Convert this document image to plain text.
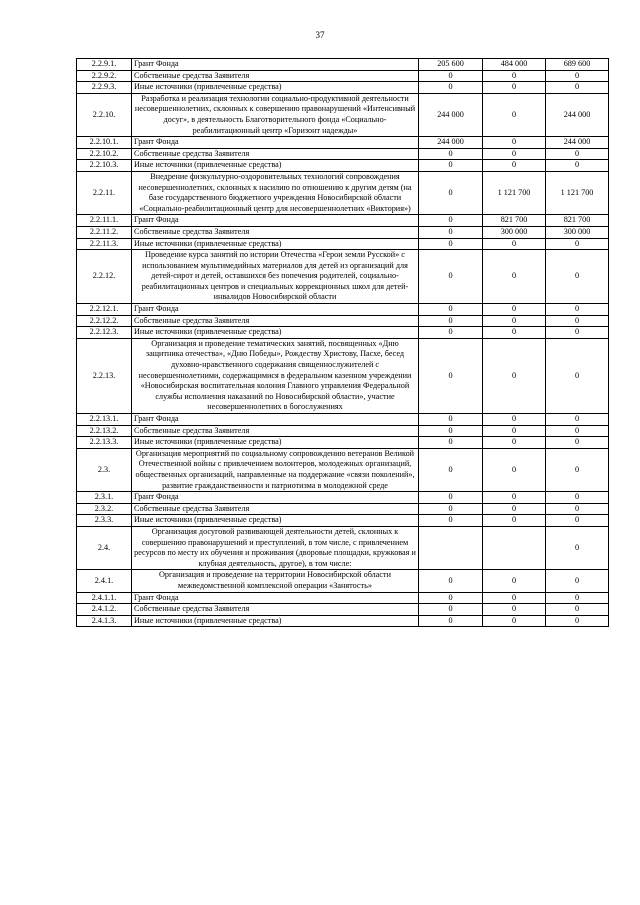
37
2.2.9.1.	Грант Фонда	205 600	484 000	689 600
2.2.9.2.	Собственные средства Заявителя	0	0	0
2.2.9.3.	Иные источники (привлеченные средства)	0	0	0
2.2.10.	Разработка и реализация технологии социально-продуктивной деятельности несовершеннолетних, склонных к совершению правонарушений «Интенсивный досуг», в деятельность Благотворительного фонда «Социально-реабилитационный центр «Горизонт надежды»	244 000	0	244 000
2.2.10.1.	Грант Фонда	244 000	0	244 000
2.2.10.2.	Собственные средства Заявителя	0	0	0
2.2.10.3.	Иные источники (привлеченные средства)	0	0	0
2.2.11.	Внедрение физкультурно-оздоровительных технологий сопровождения несовершеннолетних, склонных к насилию по отношению к другим детям (на базе государственного бюджетного учреждения Новосибирской области «Социально-реабилитационный центр для несовершеннолетних «Виктория»)	0	1 121 700	1 121 700
2.2.11.1.	Грант Фонда	0	821 700	821 700
2.2.11.2.	Собственные средства Заявителя	0	300 000	300 000
2.2.11.3.	Иные источники (привлеченные средства)	0	0	0
2.2.12.	Проведение курса занятий по истории Отечества «Герои земли Русской» с использованием мультимедийных материалов для детей из организаций для детей-сирот и детей, оставшихся без попечения родителей, социально-реабилитационных центров и специальных коррекционных школ для детей-инвалидов Новосибирской области	0	0	0
2.2.12.1.	Грант Фонда	0	0	0
2.2.12.2.	Собственные средства Заявителя	0	0	0
2.2.12.3.	Иные источники (привлеченные средства)	0	0	0
2.2.13.	Организация и проведение тематических занятий, посвященных «Дню защитника отечества», «Дню Победы», Рождеству Христову, Пасхе, бесед духовно-нравственного содержания священнослужителей с несовершеннолетними, содержащимися в федеральном казенном учреждении «Новосибирская воспитательная колония Главного управления Федеральной службы исполнения наказаний по Новосибирской области», участие несовершеннолетних в богослужениях	0	0	0
2.2.13.1.	Грант Фонда	0	0	0
2.2.13.2.	Собственные средства Заявителя	0	0	0
2.2.13.3.	Иные источники (привлеченные средства)	0	0	0
2.3.	Организация мероприятий по социальному сопровождению ветеранов Великой Отечественной войны с привлечением волонтеров, молодежных организаций, общественных организаций, направленные на поддержание «связи поколений», развитие гражданственности и патриотизма в молодежной среде	0	0	0
2.3.1.	Грант Фонда	0	0	0
2.3.2.	Собственные средства Заявителя	0	0	0
2.3.3.	Иные источники (привлеченные средства)	0	0	0
2.4.	Организация досуговой развивающей деятельности детей, склонных к совершению правонарушений и преступлений, в том числе, с привлечением ресурсов по месту их обучения и проживания (дворовые площадки, кружковая и клубная деятельность, другое), в том числе:			0
2.4.1.	Организация и проведение на территории Новосибирской области межведомственной комплексной операции «Занятость»	0	0	0
2.4.1.1.	Грант Фонда	0	0	0
2.4.1.2.	Собственные средства Заявителя	0	0	0
2.4.1.3.	Иные источники (привлеченные средства)	0	0	0
